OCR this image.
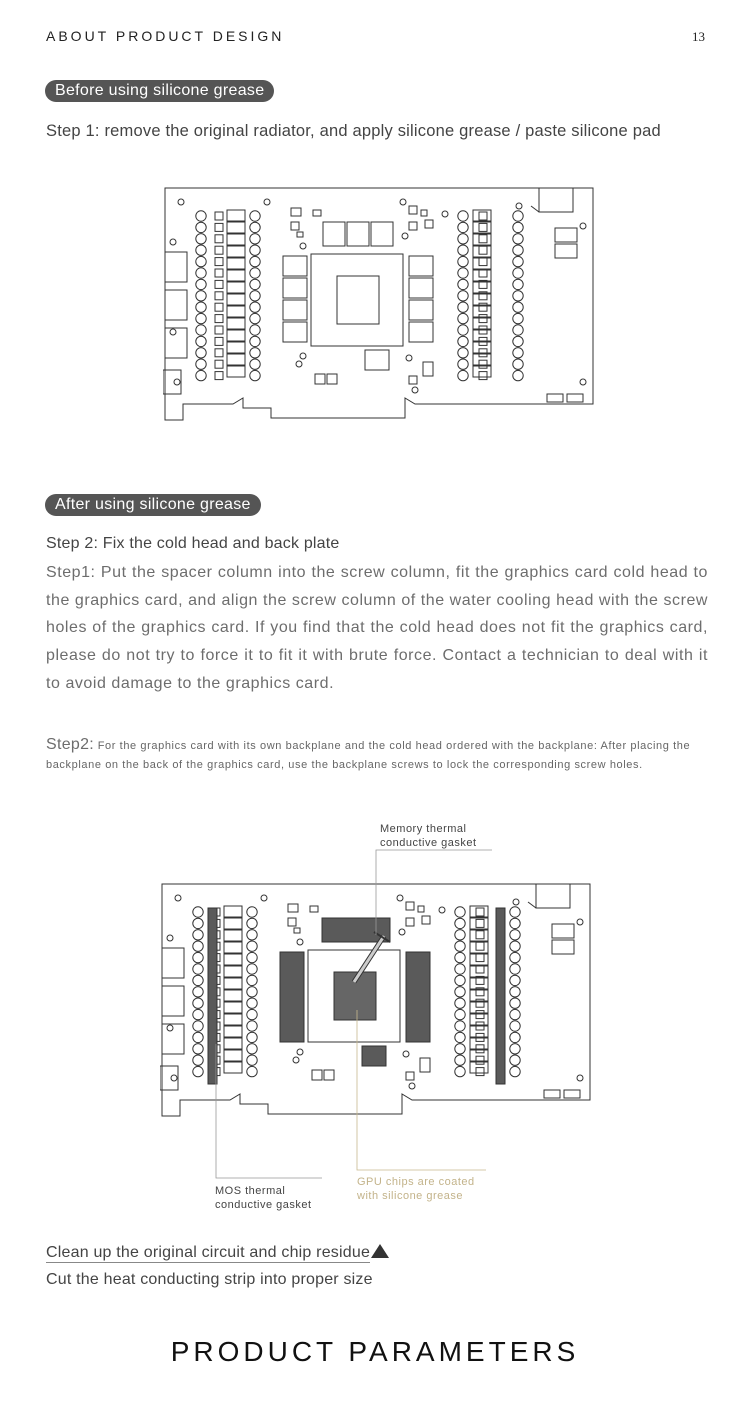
ABOUT PRODUCT DESIGN	13
Before using silicone grease
Step 1: remove the original radiator, and apply silicone grease / paste silicone pad
After using silicone grease
Step 2: Fix the cold head and back plate
Step1: Put the spacer column into the screw column, fit the graphics card cold head to the graphics card, and align the screw column of the water cooling head with the screw holes of the graphics card. If you find that the cold head does not fit the graphics card, please do not try to force it to fit it with brute force. Contact a technician to deal with it to avoid damage to the graphics card.
Step2: For the graphics card with its own backplane and the cold head ordered with the backplane: After placing the backplane on the back of the graphics card, use the backplane screws to lock the corresponding screw holes.
Memory thermal
conductive gasket
MOS thermal
conductive gasket
GPU chips are coated
with silicone grease
Clean up the original circuit and chip residue
Cut the heat conducting strip into proper size
PRODUCT PARAMETERS
